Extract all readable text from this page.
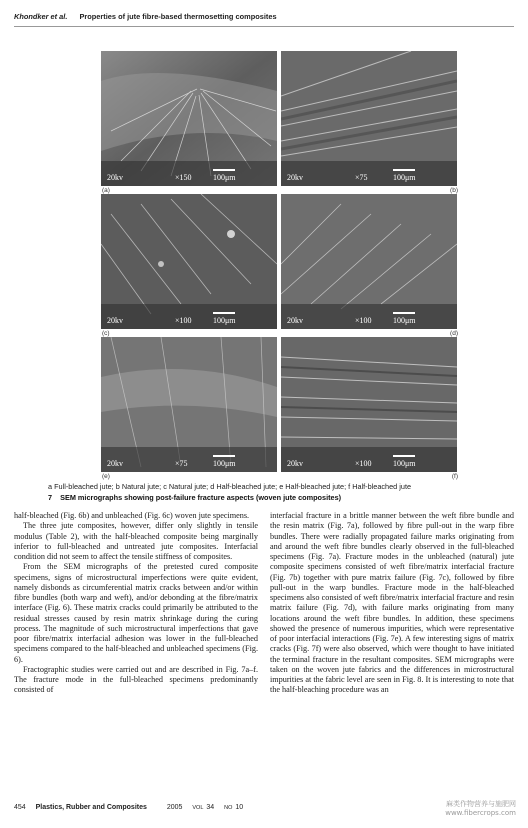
Khondker et al. Properties of jute fibre-based thermosetting composites
20kv	×150	100μm
(a)
20kv	×75	100μm
(b)
20kv	×100	100μm
(c)
20kv	×100	100μm
(d)
20kv	×75	100μm
(e)
20kv	×100	100μm
(f)
a Full-bleached jute; b Natural jute; c Natural jute; d Half-bleached jute; e Half-bleached jute; f Half-bleached jute
7 SEM micrographs showing post-failure fracture aspects (woven jute composites)

half-bleached (Fig. 6b) and unbleached (Fig. 6c) woven jute specimens.

The three jute composites, however, differ only slightly in tensile modulus (Table 2), with the half-bleached composite being marginally inferior to full-bleached and untreated jute composites. Interfacial condition did not seem to affect the tensile stiffness of composites.

From the SEM micrographs of the pretested cured composite specimens, signs of microstructural imperfections were quite evident, namely disbonds as circumferential matrix cracks between and/or within fibre bundles (both warp and weft), and/or debonding at the fibre/matrix interface (Fig. 6). These matrix cracks could primarily be attributed to the residual stresses caused by resin matrix shrinkage during the curing process. The magnitude of such microstructural imperfections that gave poor fibre/matrix interfacial adhesion was lower in the full-bleached specimens compared to the half-bleached and unbleached specimens (Fig. 6).

Fractographic studies were carried out and are described in Fig. 7a–f. The fracture mode in the full-bleached specimens predominantly consisted of

interfacial fracture in a brittle manner between the weft fibre bundle and the resin matrix (Fig. 7a), followed by fibre pull-out in the warp fibre bundles. There were radially propagated failure marks originating from and around the weft fibre bundles clearly observed in the full-bleached specimens (Fig. 7a). Fracture modes in the unbleached (natural) jute composite specimens consisted of weft fibre/matrix interfacial fracture (Fig. 7b) together with pure matrix failure (Fig. 7c), followed by fibre pull-out in the warp bundles. Fracture mode in the half-bleached specimens also consisted of weft fibre/matrix interfacial fracture and resin matrix failure (Fig. 7d), with failure marks originating from many locations around the weft fibre bundles. In addition, these specimens showed the presence of numerous impurities, which were representative of poor interfacial interactions (Fig. 7e). A few interesting signs of matrix cracks (Fig. 7f) were also observed, which were thought to have initiated the terminal fracture in the resultant composites. SEM micrographs were taken on the woven jute fabrics and the differences in microstructural impurities at the fabric level are seen in Fig. 8. It is interesting to note that the half-bleaching procedure was an

454 Plastics, Rubber and Composites	2005 VOL 34 NO 10	麻类作物营养与施肥网
www.fibercrops.com
